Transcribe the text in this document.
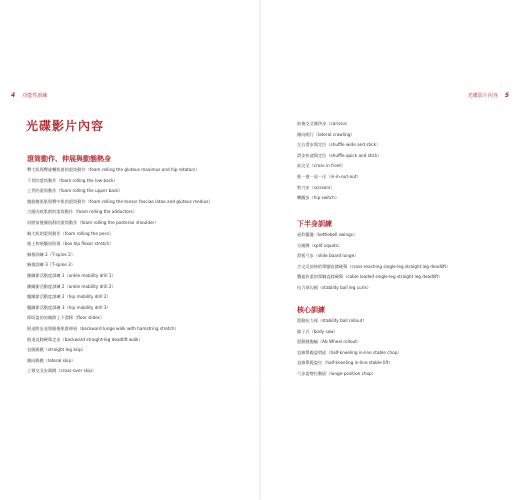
4 功能性訓練	光碟影片內容 5
光碟影片內容
滾筒動作、伸展與動態熱身
臀大肌與臀旋轉肌群的滾筒動作（foam rolling the gluteus maximus and hip rotators）
下背的滾筒動作（foam rolling the low back）
上背的滾筒動作（foam rolling the upper back）
闊筋膜張肌與臀中肌的滾筒動作（foam rolling the tensor fasciae latae and gluteus medius）
大腿內收肌群的滾筒動作（foam rolling the adductors）
肩膀前後側肌群的滾筒動作（foam rolling the posterior shoulder）
胸大肌的滾筒動作（foam rolling the pecs）
箱上伸展髖屈肌群（box hip flexor stretch）
胸椎訓練 2（T-spine 2）
胸椎訓練 3（T-spine 3）
踝關節活動度訓練 1（ankle mobility drill 1）
踝關節活動度訓練 2（ankle mobility drill 2）
髖關節活動度訓練 2（hip mobility drill 2）
髖關節活動度訓練 3（hip mobility drill 3）
仰臥姿的肩關節上下滑移（floor slides）
倒退跨步並與腿後肌群伸展（backward lunge walk with hamstring stretch）
倒退直腿硬舉走步（backward straight-leg deadlift walk）
直腿踢跳（straight leg skip）
側向踢跳（lateral skip）
上臂交叉步踢跳（cross-over skip）
前後交叉側併步（carioca）
側向爬行（lateral crawling）
左右滑步與定位（shuffle wide and stick）
滑步快速與定位（shuffle quick and stick）
前交叉（cross in front）
進－進－退－出（in-in-out-out）
剪刀步（scissors）
轉髖步（hip switch）
下半身訓練
壺鈴擺盪（kettlebell swings）
分腿蹲（split squats）
滑板弓步（slide board lunge）
手交叉前伸的單腳直膝硬舉（cross-reaching single-leg straight leg deadlift）
纜索負重的單腳直膝硬舉（cable loaded single-leg straight leg deadlift）
抗力球勾腿（stability ball leg curls）
核心訓練
滾動抗力球（stability ball rollout）
鋸子式（body saw）
滾動健腹輪（Ab Wheel rollout）
直線單跪姿劈砍（half-kneeling in-line stable chop）
直線單跪姿拉（half-kneeling in-line stable lift）
弓步姿勢拉動砍（lunge-position chop）
